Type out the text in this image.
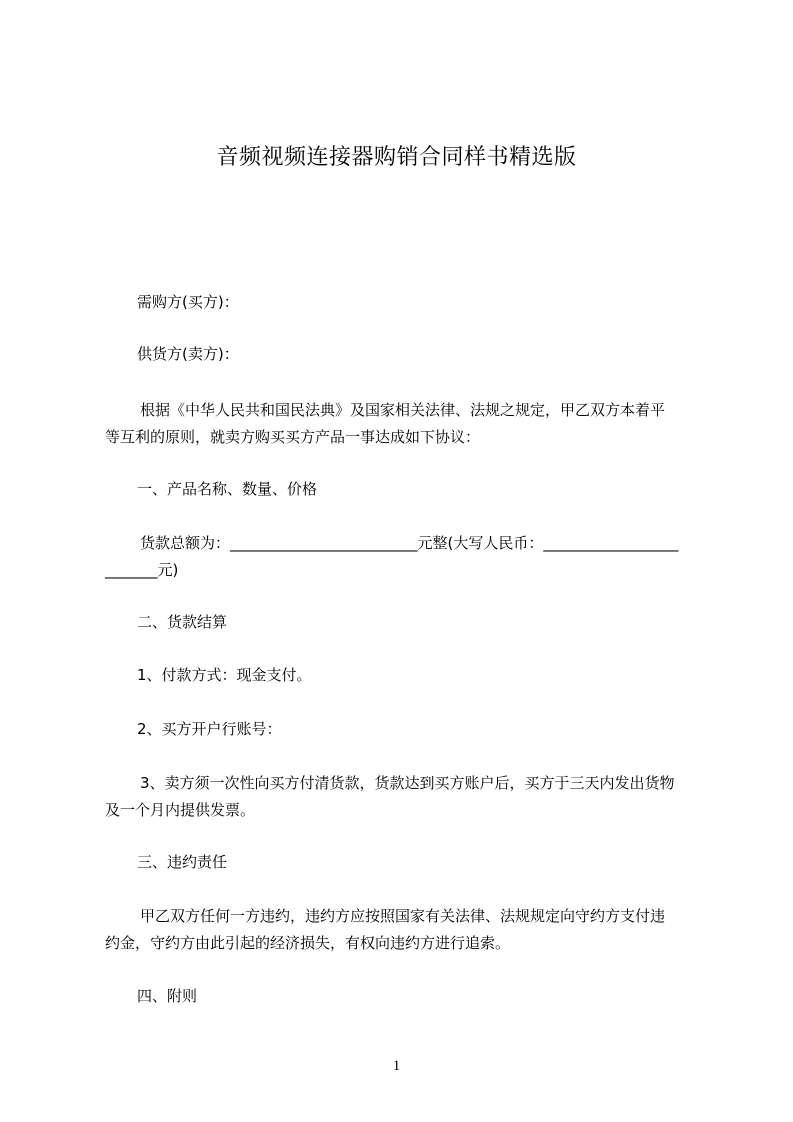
音频视频连接器购销合同样书精选版
需购方(买方)：
供货方(卖方)：
根据《中华人民共和国民法典》及国家相关法律、法规之规定，甲乙双方本着平
等互利的原则，就卖方购买买方产品一事达成如下协议：
一、产品名称、数量、价格
货款总额为：_________________________元整(大写人民币：__________________
_______元)
二、货款结算
1、付款方式：现金支付。
2、买方开户行账号：
3、卖方须一次性向买方付清货款，货款达到买方账户后，买方于三天内发出货物
及一个月内提供发票。
三、违约责任
甲乙双方任何一方违约，违约方应按照国家有关法律、法规规定向守约方支付违
约金，守约方由此引起的经济损失，有权向违约方进行追索。
四、附则
1
